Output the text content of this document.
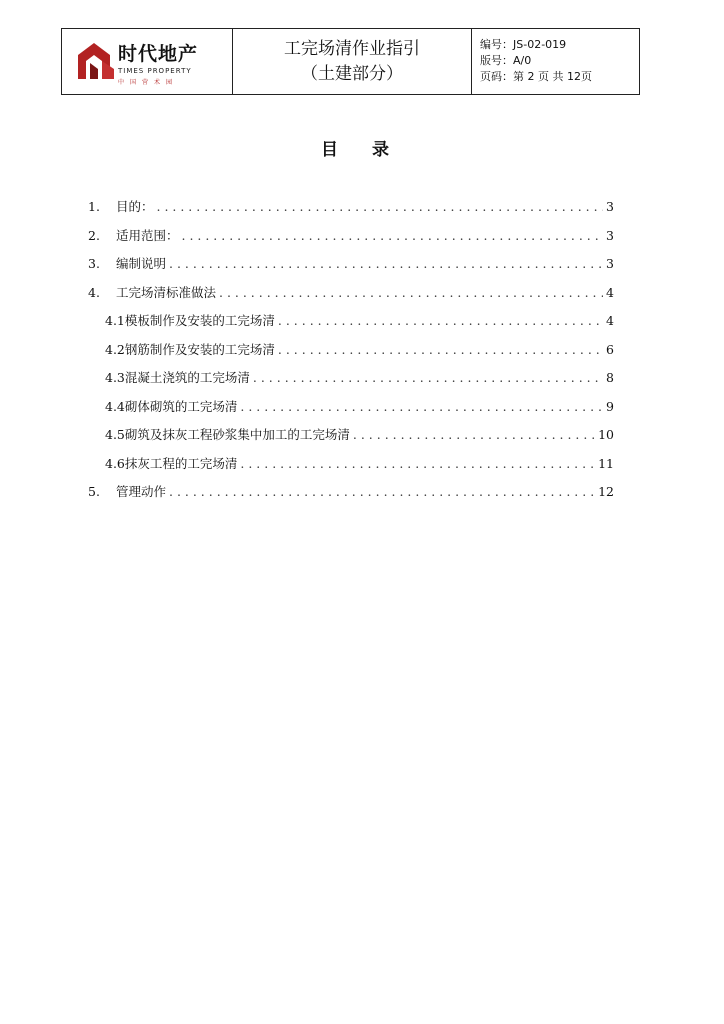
时代地产
TIMES PROPERTY
中国营术园
工完场清作业指引
（土建部分）
编号：JS-02-019
版号：A/0
页码：第 2 页 共 12页
目 录
1.	目的： . . .	3
2.	适用范围： . . .	3
3.	编制说明 . . .	3
4.	工完场清标准做法 . . .	4
4.1 模板制作及安装的工完场清 . . .	4
4.2 钢筋制作及安装的工完场清 . . .	6
4.3 混凝土浇筑的工完场清 . . .	8
4.4 砌体砌筑的工完场清 . . .	9
4.5 砌筑及抹灰工程砂浆集中加工的工完场清 . . .	10
4.6 抹灰工程的工完场清 . . .	11
5.	管理动作 . . .	12
